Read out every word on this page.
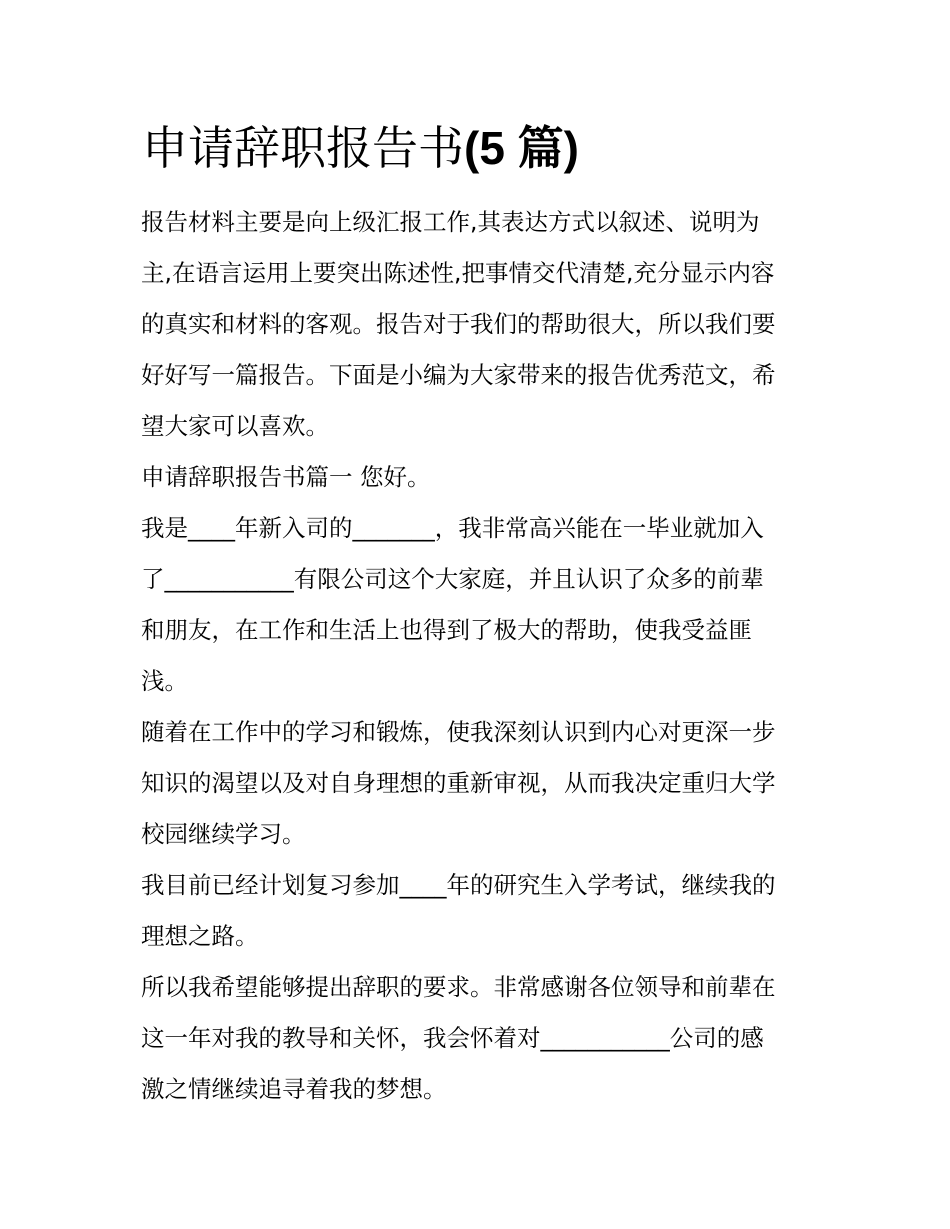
申请辞职报告书(5 篇)

报告材料主要是向上级汇报工作,其表达方式以叙述、说明为
主,在语言运用上要突出陈述性,把事情交代清楚,充分显示内容
的真实和材料的客观。报告对于我们的帮助很大，所以我们要
好好写一篇报告。下面是小编为大家带来的报告优秀范文，希
望大家可以喜欢。

申请辞职报告书篇一 您好。

我是____年新入司的_______，我非常高兴能在一毕业就加入
了___________有限公司这个大家庭，并且认识了众多的前辈
和朋友，在工作和生活上也得到了极大的帮助，使我受益匪
浅。

随着在工作中的学习和锻炼，使我深刻认识到内心对更深一步
知识的渴望以及对自身理想的重新审视，从而我决定重归大学
校园继续学习。

我目前已经计划复习参加____年的研究生入学考试，继续我的
理想之路。

所以我希望能够提出辞职的要求。非常感谢各位领导和前辈在
这一年对我的教导和关怀，我会怀着对___________公司的感
激之情继续追寻着我的梦想。
